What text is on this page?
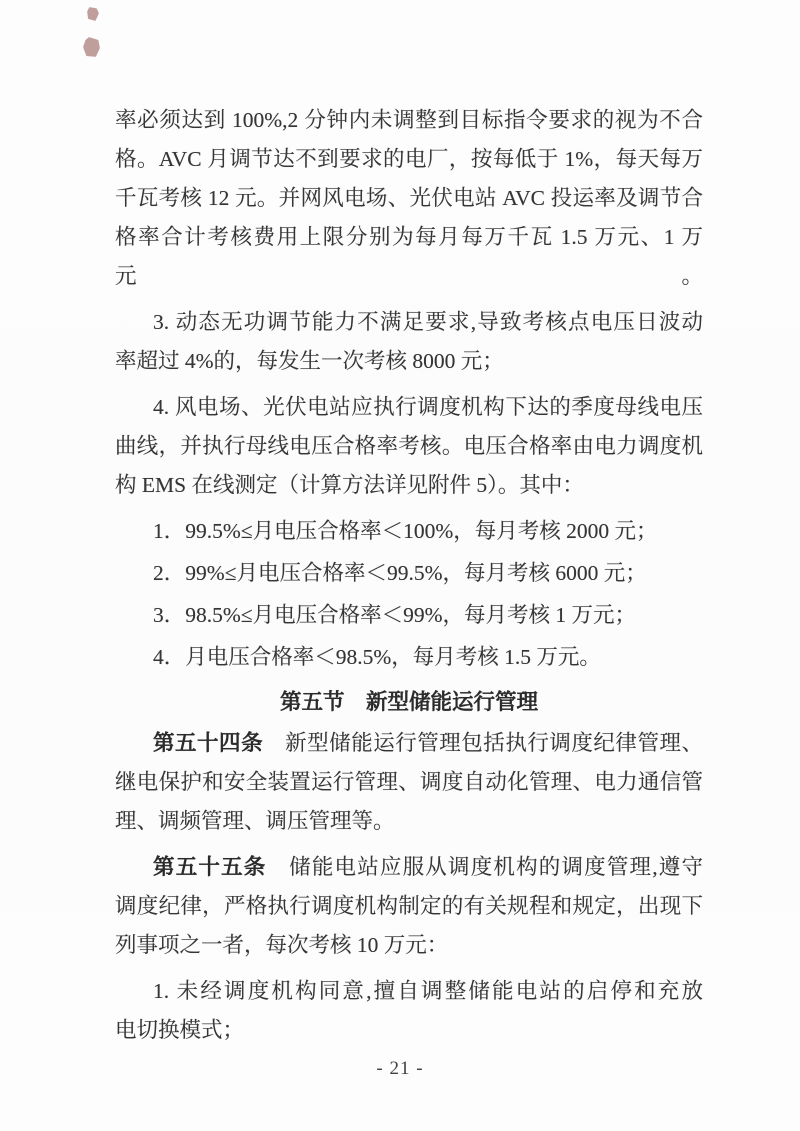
率必须达到 100%,2 分钟内未调整到目标指令要求的视为不合
格。AVC 月调节达不到要求的电厂，按每低于 1%，每天每万
千瓦考核 12 元。并网风电场、光伏电站 AVC 投运率及调节合
格率合计考核费用上限分别为每月每万千瓦 1.5 万元、1 万元。
3. 动态无功调节能力不满足要求,导致考核点电压日波动
率超过 4%的，每发生一次考核 8000 元；
4. 风电场、光伏电站应执行调度机构下达的季度母线电压
曲线，并执行母线电压合格率考核。电压合格率由电力调度机
构 EMS 在线测定（计算方法详见附件 5）。其中：
1．99.5%≤月电压合格率＜100%，每月考核 2000 元；
2．99%≤月电压合格率＜99.5%，每月考核 6000 元；
3．98.5%≤月电压合格率＜99%，每月考核 1 万元；
4．月电压合格率＜98.5%，每月考核 1.5 万元。
第五节　新型储能运行管理
第五十四条　新型储能运行管理包括执行调度纪律管理、
继电保护和安全装置运行管理、调度自动化管理、电力通信管
理、调频管理、调压管理等。
第五十五条　储能电站应服从调度机构的调度管理,遵守
调度纪律，严格执行调度机构制定的有关规程和规定，出现下
列事项之一者，每次考核 10 万元：
1. 未经调度机构同意,擅自调整储能电站的启停和充放
电切换模式；
- 21 -
